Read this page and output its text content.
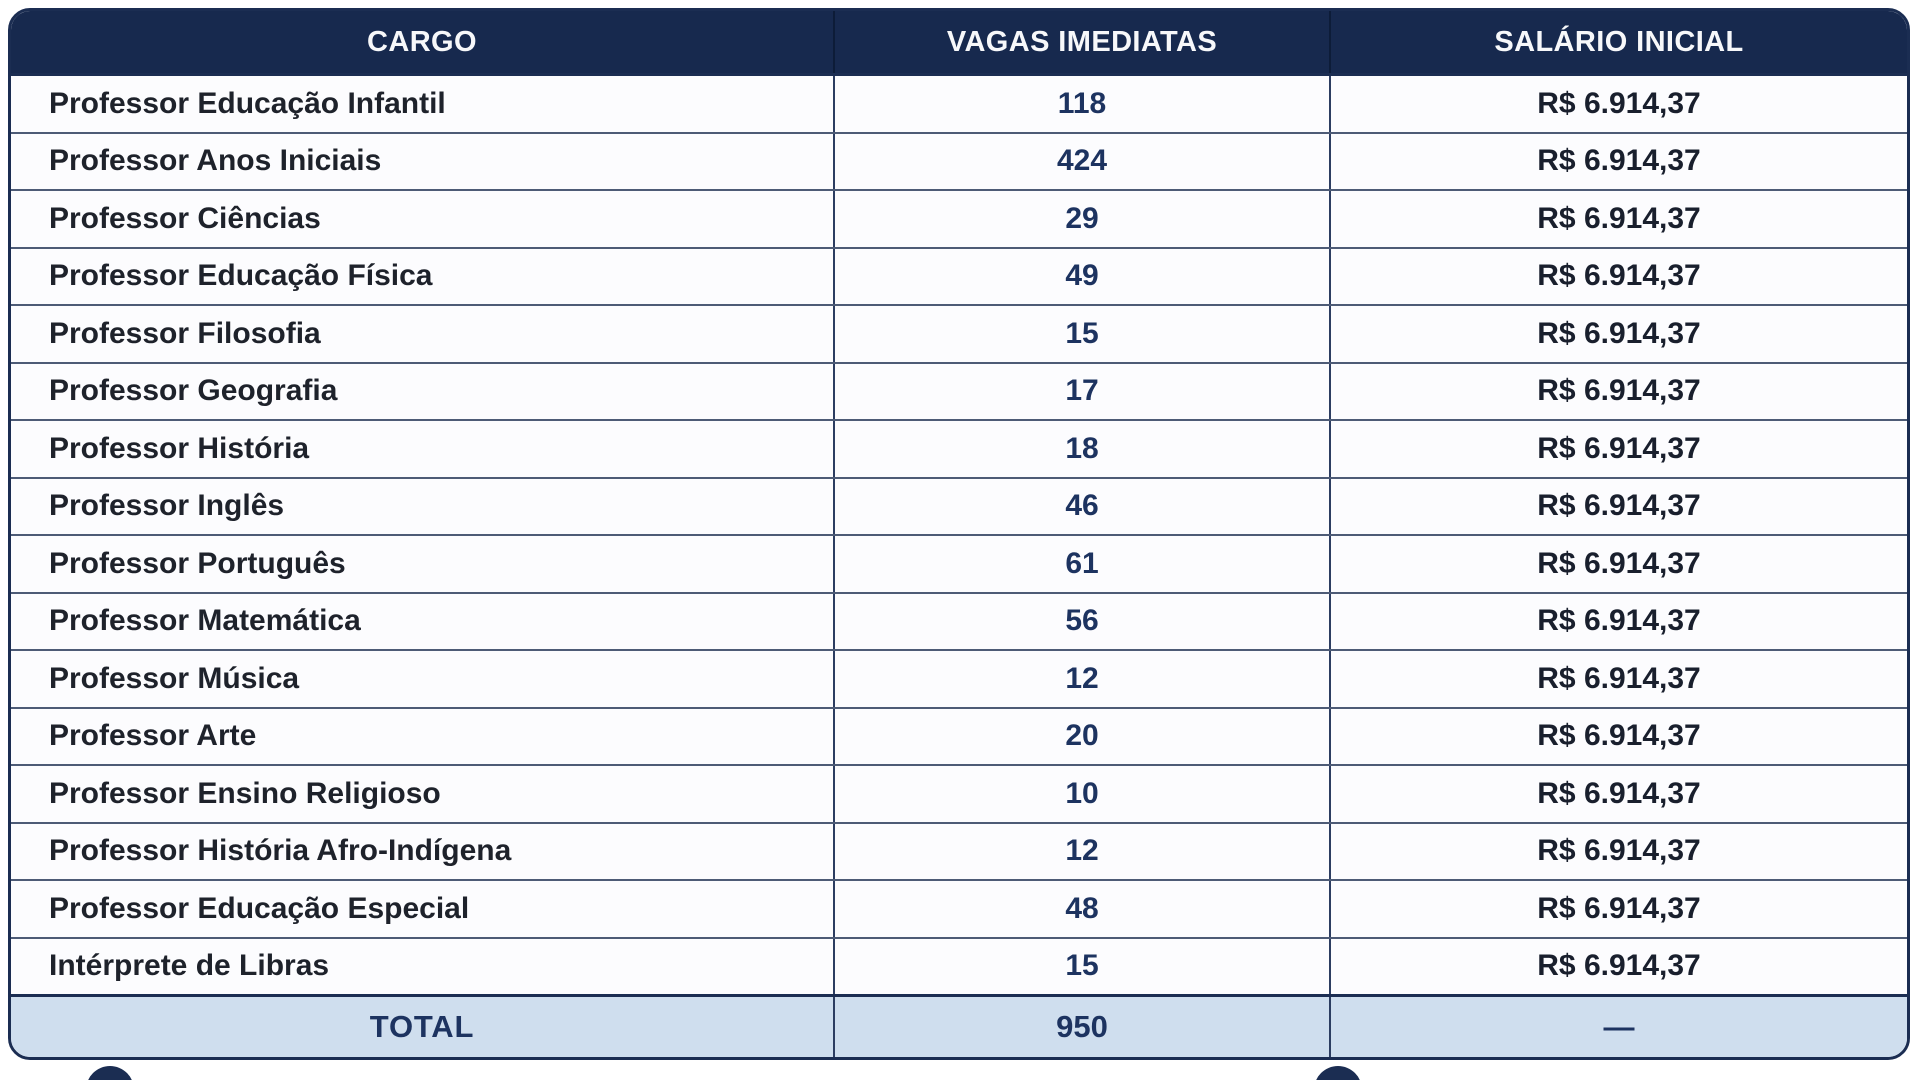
CARGO	VAGAS IMEDIATAS	SALÁRIO INICIAL
Professor Educação Infantil	118	R$ 6.914,37
Professor Anos Iniciais	424	R$ 6.914,37
Professor Ciências	29	R$ 6.914,37
Professor Educação Física	49	R$ 6.914,37
Professor Filosofia	15	R$ 6.914,37
Professor Geografia	17	R$ 6.914,37
Professor História	18	R$ 6.914,37
Professor Inglês	46	R$ 6.914,37
Professor Português	61	R$ 6.914,37
Professor Matemática	56	R$ 6.914,37
Professor Música	12	R$ 6.914,37
Professor Arte	20	R$ 6.914,37
Professor Ensino Religioso	10	R$ 6.914,37
Professor História Afro-Indígena	12	R$ 6.914,37
Professor Educação Especial	48	R$ 6.914,37
Intérprete de Libras	15	R$ 6.914,37
TOTAL	950	—
